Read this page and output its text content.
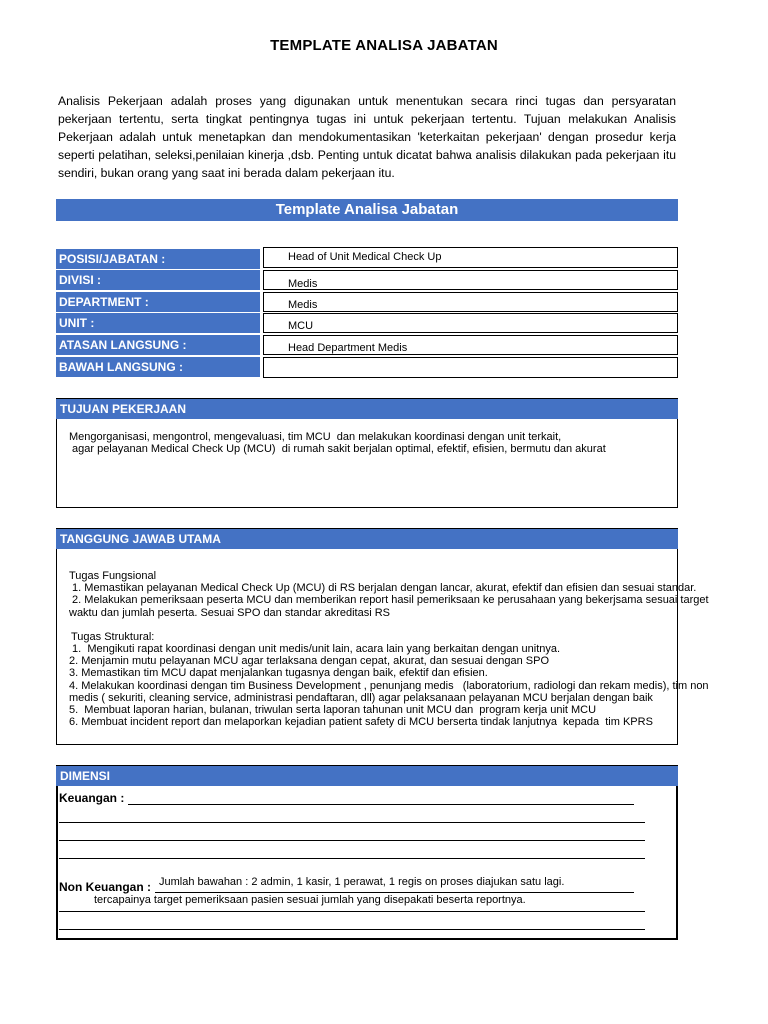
TEMPLATE ANALISA JABATAN
Analisis Pekerjaan adalah proses yang digunakan untuk menentukan secara rinci tugas dan persyaratan pekerjaan tertentu, serta tingkat pentingnya tugas ini untuk pekerjaan tertentu. Tujuan melakukan Analisis Pekerjaan adalah untuk menetapkan dan mendokumentasikan 'keterkaitan pekerjaan' dengan prosedur kerja seperti pelatihan, seleksi,penilaian kinerja ,dsb. Penting untuk dicatat bahwa analisis dilakukan pada pekerjaan itu sendiri, bukan orang yang saat ini berada dalam pekerjaan itu.
Template Analisa Jabatan
POSISI/JABATAN :	Head of Unit Medical Check Up
DIVISI :	Medis
DEPARTMENT :	Medis
UNIT :	MCU
ATASAN LANGSUNG :	Head Department Medis
BAWAH LANGSUNG :
TUJUAN PEKERJAAN
Mengorganisasi, mengontrol, mengevaluasi, tim MCU  dan melakukan koordinasi dengan unit terkait,
agar pelayanan Medical Check Up (MCU)  di rumah sakit berjalan optimal, efektif, efisien, bermutu dan akurat
TANGGUNG JAWAB UTAMA
Tugas Fungsional
1. Memastikan pelayanan Medical Check Up (MCU) di RS berjalan dengan lancar, akurat, efektif dan efisien dan sesuai standar.
2. Melakukan pemeriksaan peserta MCU dan memberikan report hasil pemeriksaan ke perusahaan yang bekerjsama sesuai target
waktu dan jumlah peserta. Sesuai SPO dan standar akreditasi RS
Tugas Struktural:
1.  Mengikuti rapat koordinasi dengan unit medis/unit lain, acara lain yang berkaitan dengan unitnya.
2. Menjamin mutu pelayanan MCU agar terlaksana dengan cepat, akurat, dan sesuai dengan SPO
3. Memastikan tim MCU dapat menjalankan tugasnya dengan baik, efektif dan efisien.
4. Melakukan koordinasi dengan tim Business Development , penunjang medis   (laboratorium, radiologi dan rekam medis), tim non
medis ( sekuriti, cleaning service, administrasi pendaftaran, dll) agar pelaksanaan pelayanan MCU berjalan dengan baik
5.  Membuat laporan harian, bulanan, triwulan serta laporan tahunan unit MCU dan  program kerja unit MCU
6. Membuat incident report dan melaporkan kejadian patient safety di MCU berserta tindak lanjutnya  kepada  tim KPRS
DIMENSI
Keuangan :
Non Keuangan : Jumlah bawahan : 2 admin, 1 kasir, 1 perawat, 1 regis on proses diajukan satu lagi.
tercapainya target pemeriksaan pasien sesuai jumlah yang disepakati beserta reportnya.
